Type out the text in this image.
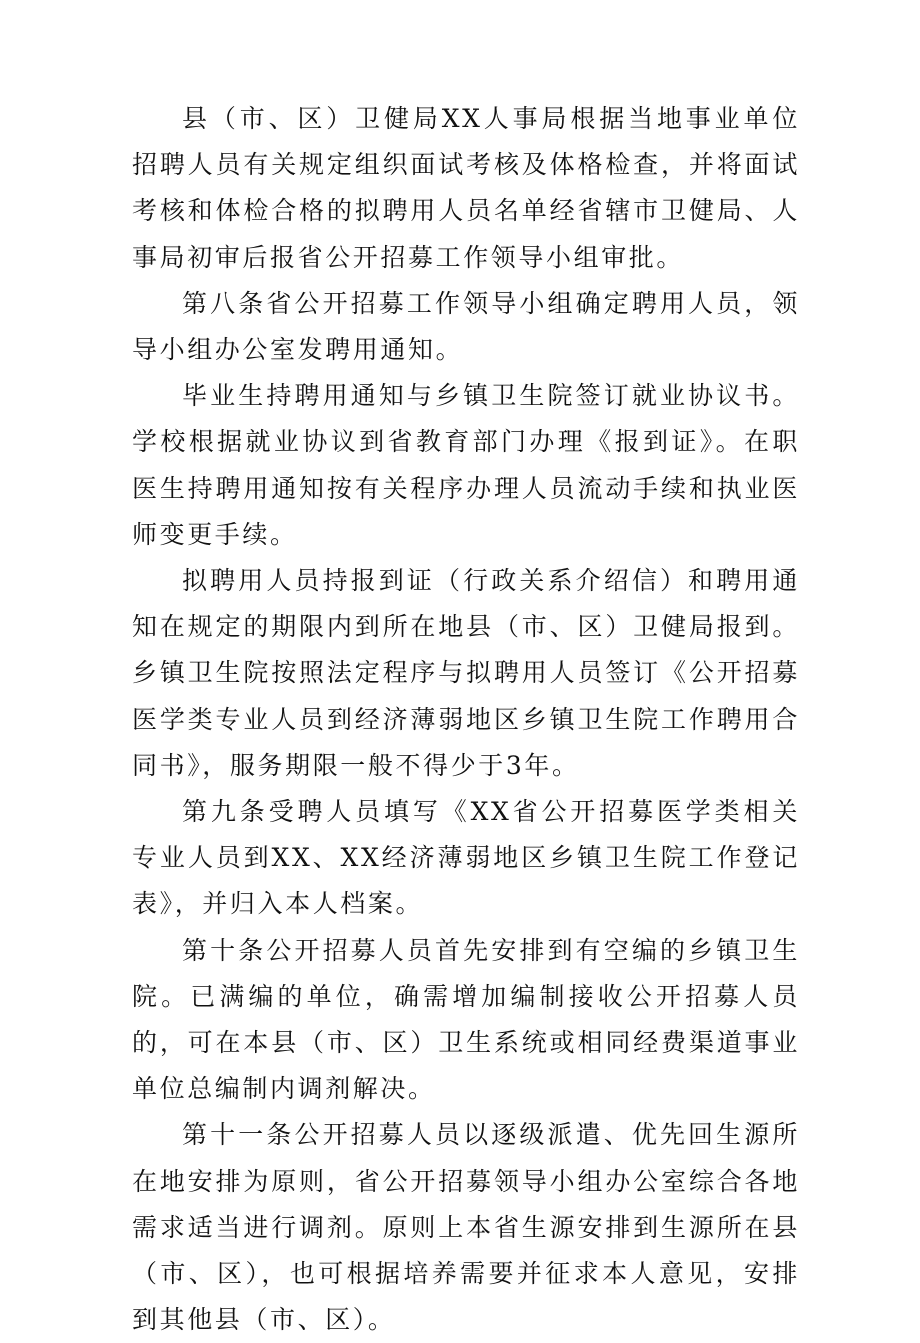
县（市、区）卫健局XX人事局根据当地事业单位招聘人员有关规定组织面试考核及体格检查，并将面试考核和体检合格的拟聘用人员名单经省辖市卫健局、人事局初审后报省公开招募工作领导小组审批。

第八条省公开招募工作领导小组确定聘用人员，领导小组办公室发聘用通知。

毕业生持聘用通知与乡镇卫生院签订就业协议书。学校根据就业协议到省教育部门办理《报到证》。在职医生持聘用通知按有关程序办理人员流动手续和执业医师变更手续。

拟聘用人员持报到证（行政关系介绍信）和聘用通知在规定的期限内到所在地县（市、区）卫健局报到。乡镇卫生院按照法定程序与拟聘用人员签订《公开招募医学类专业人员到经济薄弱地区乡镇卫生院工作聘用合同书》，服务期限一般不得少于3年。

第九条受聘人员填写《XX省公开招募医学类相关专业人员到XX、XX经济薄弱地区乡镇卫生院工作登记表》，并归入本人档案。

第十条公开招募人员首先安排到有空编的乡镇卫生院。已满编的单位，确需增加编制接收公开招募人员的，可在本县（市、区）卫生系统或相同经费渠道事业单位总编制内调剂解决。

第十一条公开招募人员以逐级派遣、优先回生源所在地安排为原则，省公开招募领导小组办公室综合各地需求适当进行调剂。原则上本省生源安排到生源所在县（市、区），也可根据培养需要并征求本人意见，安排到其他县（市、区）。
